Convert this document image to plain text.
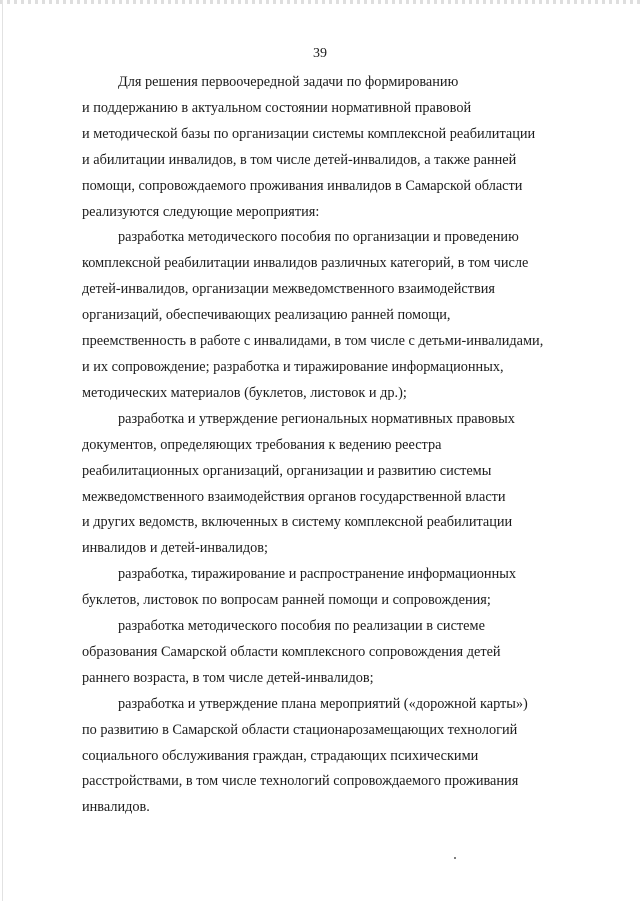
39

Для решения первоочередной задачи по формированию
и поддержанию в актуальном состоянии нормативной правовой
и методической базы по организации системы комплексной реабилитации
и абилитации инвалидов, в том числе детей-инвалидов, а также ранней
помощи, сопровождаемого проживания инвалидов в Самарской области
реализуются следующие мероприятия:

разработка методического пособия по организации и проведению
комплексной реабилитации инвалидов различных категорий, в том числе
детей-инвалидов, организации межведомственного взаимодействия
организаций, обеспечивающих реализацию ранней помощи,
преемственность в работе с инвалидами, в том числе с детьми-инвалидами,
и их сопровождение; разработка и тиражирование информационных,
методических материалов (буклетов, листовок и др.);

разработка и утверждение региональных нормативных правовых
документов, определяющих требования к ведению реестра
реабилитационных организаций, организации и развитию системы
межведомственного взаимодействия органов государственной власти
и других ведомств, включенных в систему комплексной реабилитации
инвалидов и детей-инвалидов;

разработка, тиражирование и распространение информационных
буклетов, листовок по вопросам ранней помощи и сопровождения;

разработка методического пособия по реализации в системе
образования Самарской области комплексного сопровождения детей
раннего возраста, в том числе детей-инвалидов;

разработка и утверждение плана мероприятий («дорожной карты»)
по развитию в Самарской области стационарозамещающих технологий
социального обслуживания граждан, страдающих психическими
расстройствами, в том числе технологий сопровождаемого проживания
инвалидов.
